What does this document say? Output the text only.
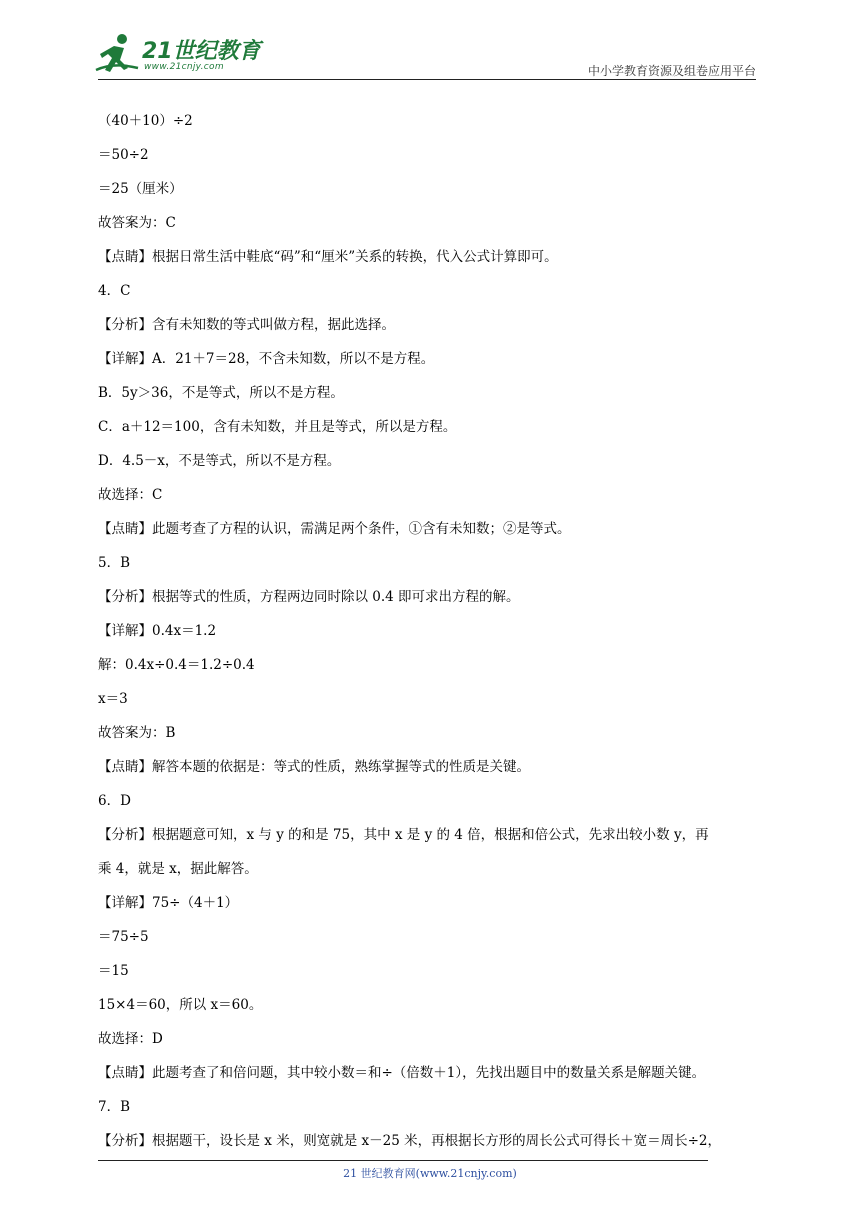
21世纪教育
www.21cnjy.com	中小学教育资源及组卷应用平台
（40＋10）÷2
＝50÷2
＝25（厘米）
故答案为：C
【点睛】根据日常生活中鞋底“码”和“厘米”关系的转换，代入公式计算即可。
4．C
【分析】含有未知数的等式叫做方程，据此选择。
【详解】A．21＋7＝28，不含未知数，所以不是方程。
B．5y＞36，不是等式，所以不是方程。
C．a＋12＝100，含有未知数，并且是等式，所以是方程。
D．4.5－x，不是等式，所以不是方程。
故选择：C
【点睛】此题考查了方程的认识，需满足两个条件，①含有未知数；②是等式。
5．B
【分析】根据等式的性质，方程两边同时除以 0.4 即可求出方程的解。
【详解】0.4x＝1.2
解：0.4x÷0.4＝1.2÷0.4
x＝3
故答案为：B
【点睛】解答本题的依据是：等式的性质，熟练掌握等式的性质是关键。
6．D
【分析】根据题意可知，x 与 y 的和是 75，其中 x 是 y 的 4 倍，根据和倍公式，先求出较小数 y，再
乘 4，就是 x，据此解答。
【详解】75÷（4＋1）
＝75÷5
＝15
15×4＝60，所以 x＝60。
故选择：D
【点睛】此题考查了和倍问题，其中较小数＝和÷（倍数＋1），先找出题目中的数量关系是解题关键。
7．B
【分析】根据题干，设长是 x 米，则宽就是 x－25 米，再根据长方形的周长公式可得长＋宽＝周长÷2，
21 世纪教育网(www.21cnjy.com)
